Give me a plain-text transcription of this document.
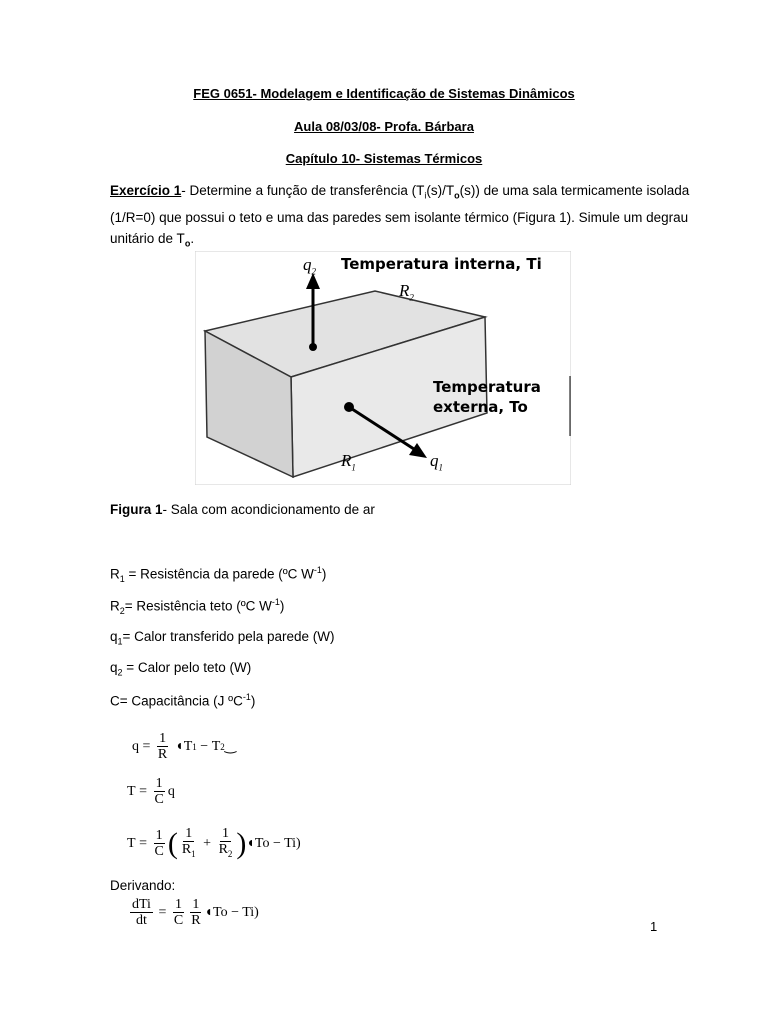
FEG 0651- Modelagem e Identificação de Sistemas Dinâmicos
Aula 08/03/08- Profa. Bárbara
Capítulo 10- Sistemas Térmicos
Exercício 1- Determine a função de transferência $(T_i(s)/T_o(s))$ de uma sala termicamente isolada
(1/R=0) que possui o teto e uma das paredes sem isolante térmico (Figura 1). Simule um degrau
unitário de $T_o$.
$q_2$ Temperatura interna, Ti
$R_2$
Temperatura
externa, To
$R_1$	$q_1$
Figura 1- Sala com acondicionamento de ar
$R_1$ = Resistência da parede (ºC $W^{-1}$)
$R_2=$ Resistência teto (ºC $W^{-1}$)
$q_1=$ Calor transferido pela parede (W)
$q_2$ = Calor pelo teto (W)
C= Capacitância (J ºC$^{-1}$)
$q = \frac{1}{R}$ ◖ T 1 − T 2 ‿
$T = \frac{1}{C}$ q
$T = \frac{1}{C}$ ( $\frac{1}{R_1} + \frac{1}{R_2}$ ) ◖ To − Ti)
Derivando:
$\frac{\text{dTi}}{dt} = \frac{1}{C} \frac{1}{R}$ ◖ To − Ti)
1
